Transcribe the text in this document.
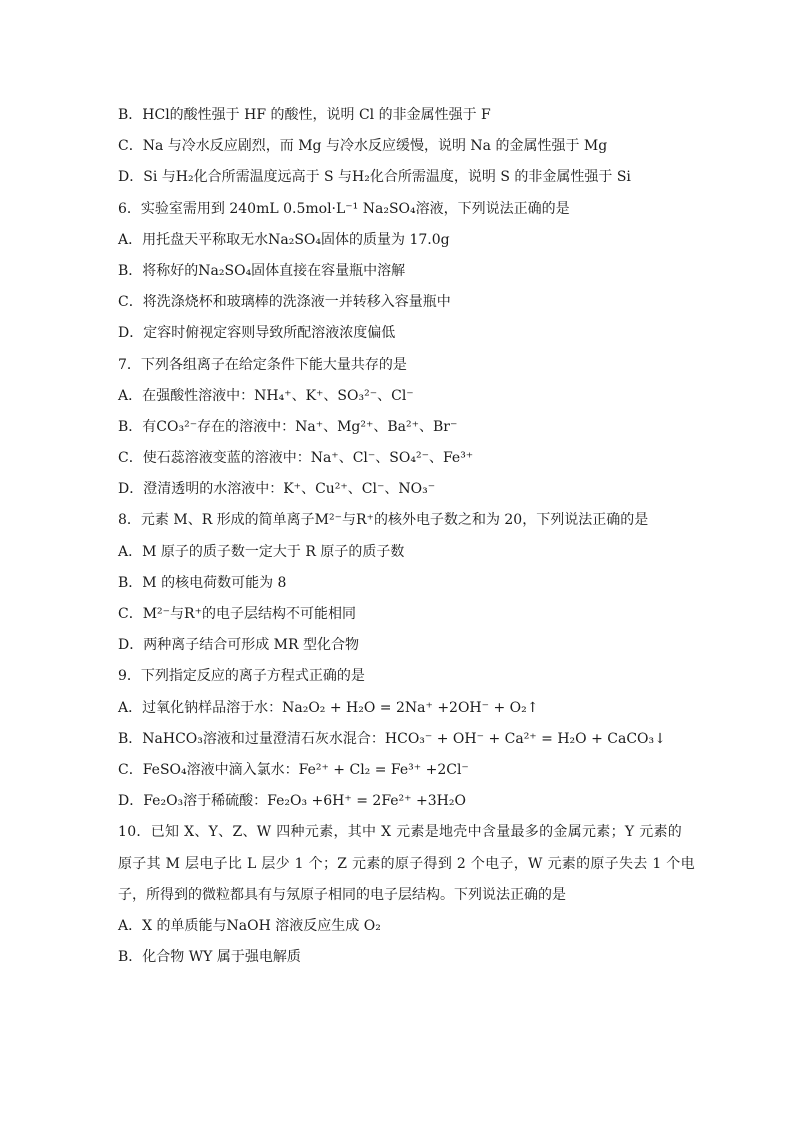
B．HCl的酸性强于 HF 的酸性，说明 Cl 的非金属性强于 F
C．Na 与冷水反应剧烈，而 Mg 与冷水反应缓慢，说明 Na 的金属性强于 Mg
D．Si 与H₂化合所需温度远高于 S 与H₂化合所需温度，说明 S 的非金属性强于 Si
6．实验室需用到 240mL 0.5mol·L⁻¹ Na₂SO₄溶液，下列说法正确的是
A．用托盘天平称取无水Na₂SO₄固体的质量为 17.0g
B．将称好的Na₂SO₄固体直接在容量瓶中溶解
C．将洗涤烧杯和玻璃棒的洗涤液一并转移入容量瓶中
D．定容时俯视定容则导致所配溶液浓度偏低
7．下列各组离子在给定条件下能大量共存的是
A．在强酸性溶液中：NH₄⁺、K⁺、SO₃²⁻、Cl⁻
B．有CO₃²⁻存在的溶液中：Na⁺、Mg²⁺、Ba²⁺、Br⁻
C．使石蕊溶液变蓝的溶液中：Na⁺、Cl⁻、SO₄²⁻、Fe³⁺
D．澄清透明的水溶液中：K⁺、Cu²⁺、Cl⁻、NO₃⁻
8．元素 M、R 形成的简单离子M²⁻与R⁺的核外电子数之和为 20，下列说法正确的是
A．M 原子的质子数一定大于 R 原子的质子数
B．M 的核电荷数可能为 8
C．M²⁻与R⁺的电子层结构不可能相同
D．两种离子结合可形成 MR 型化合物
9．下列指定反应的离子方程式正确的是
A．过氧化钠样品溶于水：Na₂O₂ + H₂O = 2Na⁺ +2OH⁻ + O₂↑
B．NaHCO₃溶液和过量澄清石灰水混合：HCO₃⁻ + OH⁻ + Ca²⁺ = H₂O + CaCO₃↓
C．FeSO₄溶液中滴入氯水：Fe²⁺ + Cl₂ = Fe³⁺ +2Cl⁻
D．Fe₂O₃溶于稀硫酸：Fe₂O₃ +6H⁺ = 2Fe²⁺ +3H₂O
10．已知 X、Y、Z、W 四种元素，其中 X 元素是地壳中含量最多的金属元素；Y 元素的
原子其 M 层电子比 L 层少 1 个；Z 元素的原子得到 2 个电子，W 元素的原子失去 1 个电
子，所得到的微粒都具有与氖原子相同的电子层结构。下列说法正确的是
A．X 的单质能与NaOH 溶液反应生成 O₂
B．化合物 WY 属于强电解质
